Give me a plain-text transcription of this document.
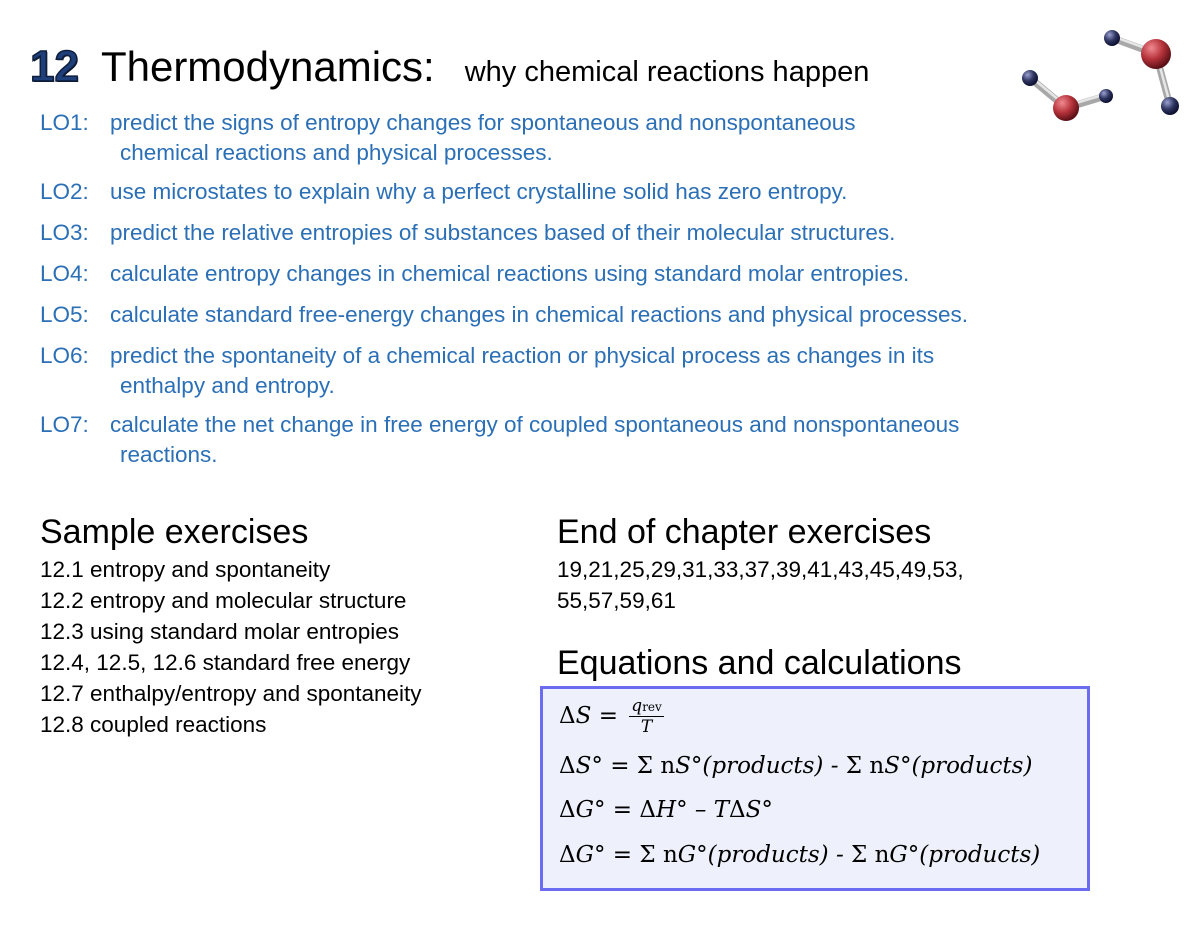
12 Thermodynamics: why chemical reactions happen
LO1: predict the signs of entropy changes for spontaneous and nonspontaneous
chemical reactions and physical processes.
LO2: use microstates to explain why a perfect crystalline solid has zero entropy.
LO3: predict the relative entropies of substances based of their molecular structures.
LO4: calculate entropy changes in chemical reactions using standard molar entropies.
LO5: calculate standard free-energy changes in chemical reactions and physical processes.
LO6: predict the spontaneity of a chemical reaction or physical process as changes in its
enthalpy and entropy.
LO7: calculate the net change in free energy of coupled spontaneous and nonspontaneous
reactions.
Sample exercises
12.1 entropy and spontaneity
12.2 entropy and molecular structure
12.3 using standard molar entropies
12.4, 12.5, 12.6 standard free energy
12.7 enthalpy/entropy and spontaneity
12.8 coupled reactions
End of chapter exercises
19,21,25,29,31,33,37,39,41,43,45,49,53,
55,57,59,61
Equations and calculations
$\Delta S = \frac{\text{qrev}}{T}$
ΔS° = Σ nS°(products) - Σ nS°(products)
ΔG° = ΔH° – TΔS°
ΔG° = Σ nG°(products) - Σ nG°(products)
